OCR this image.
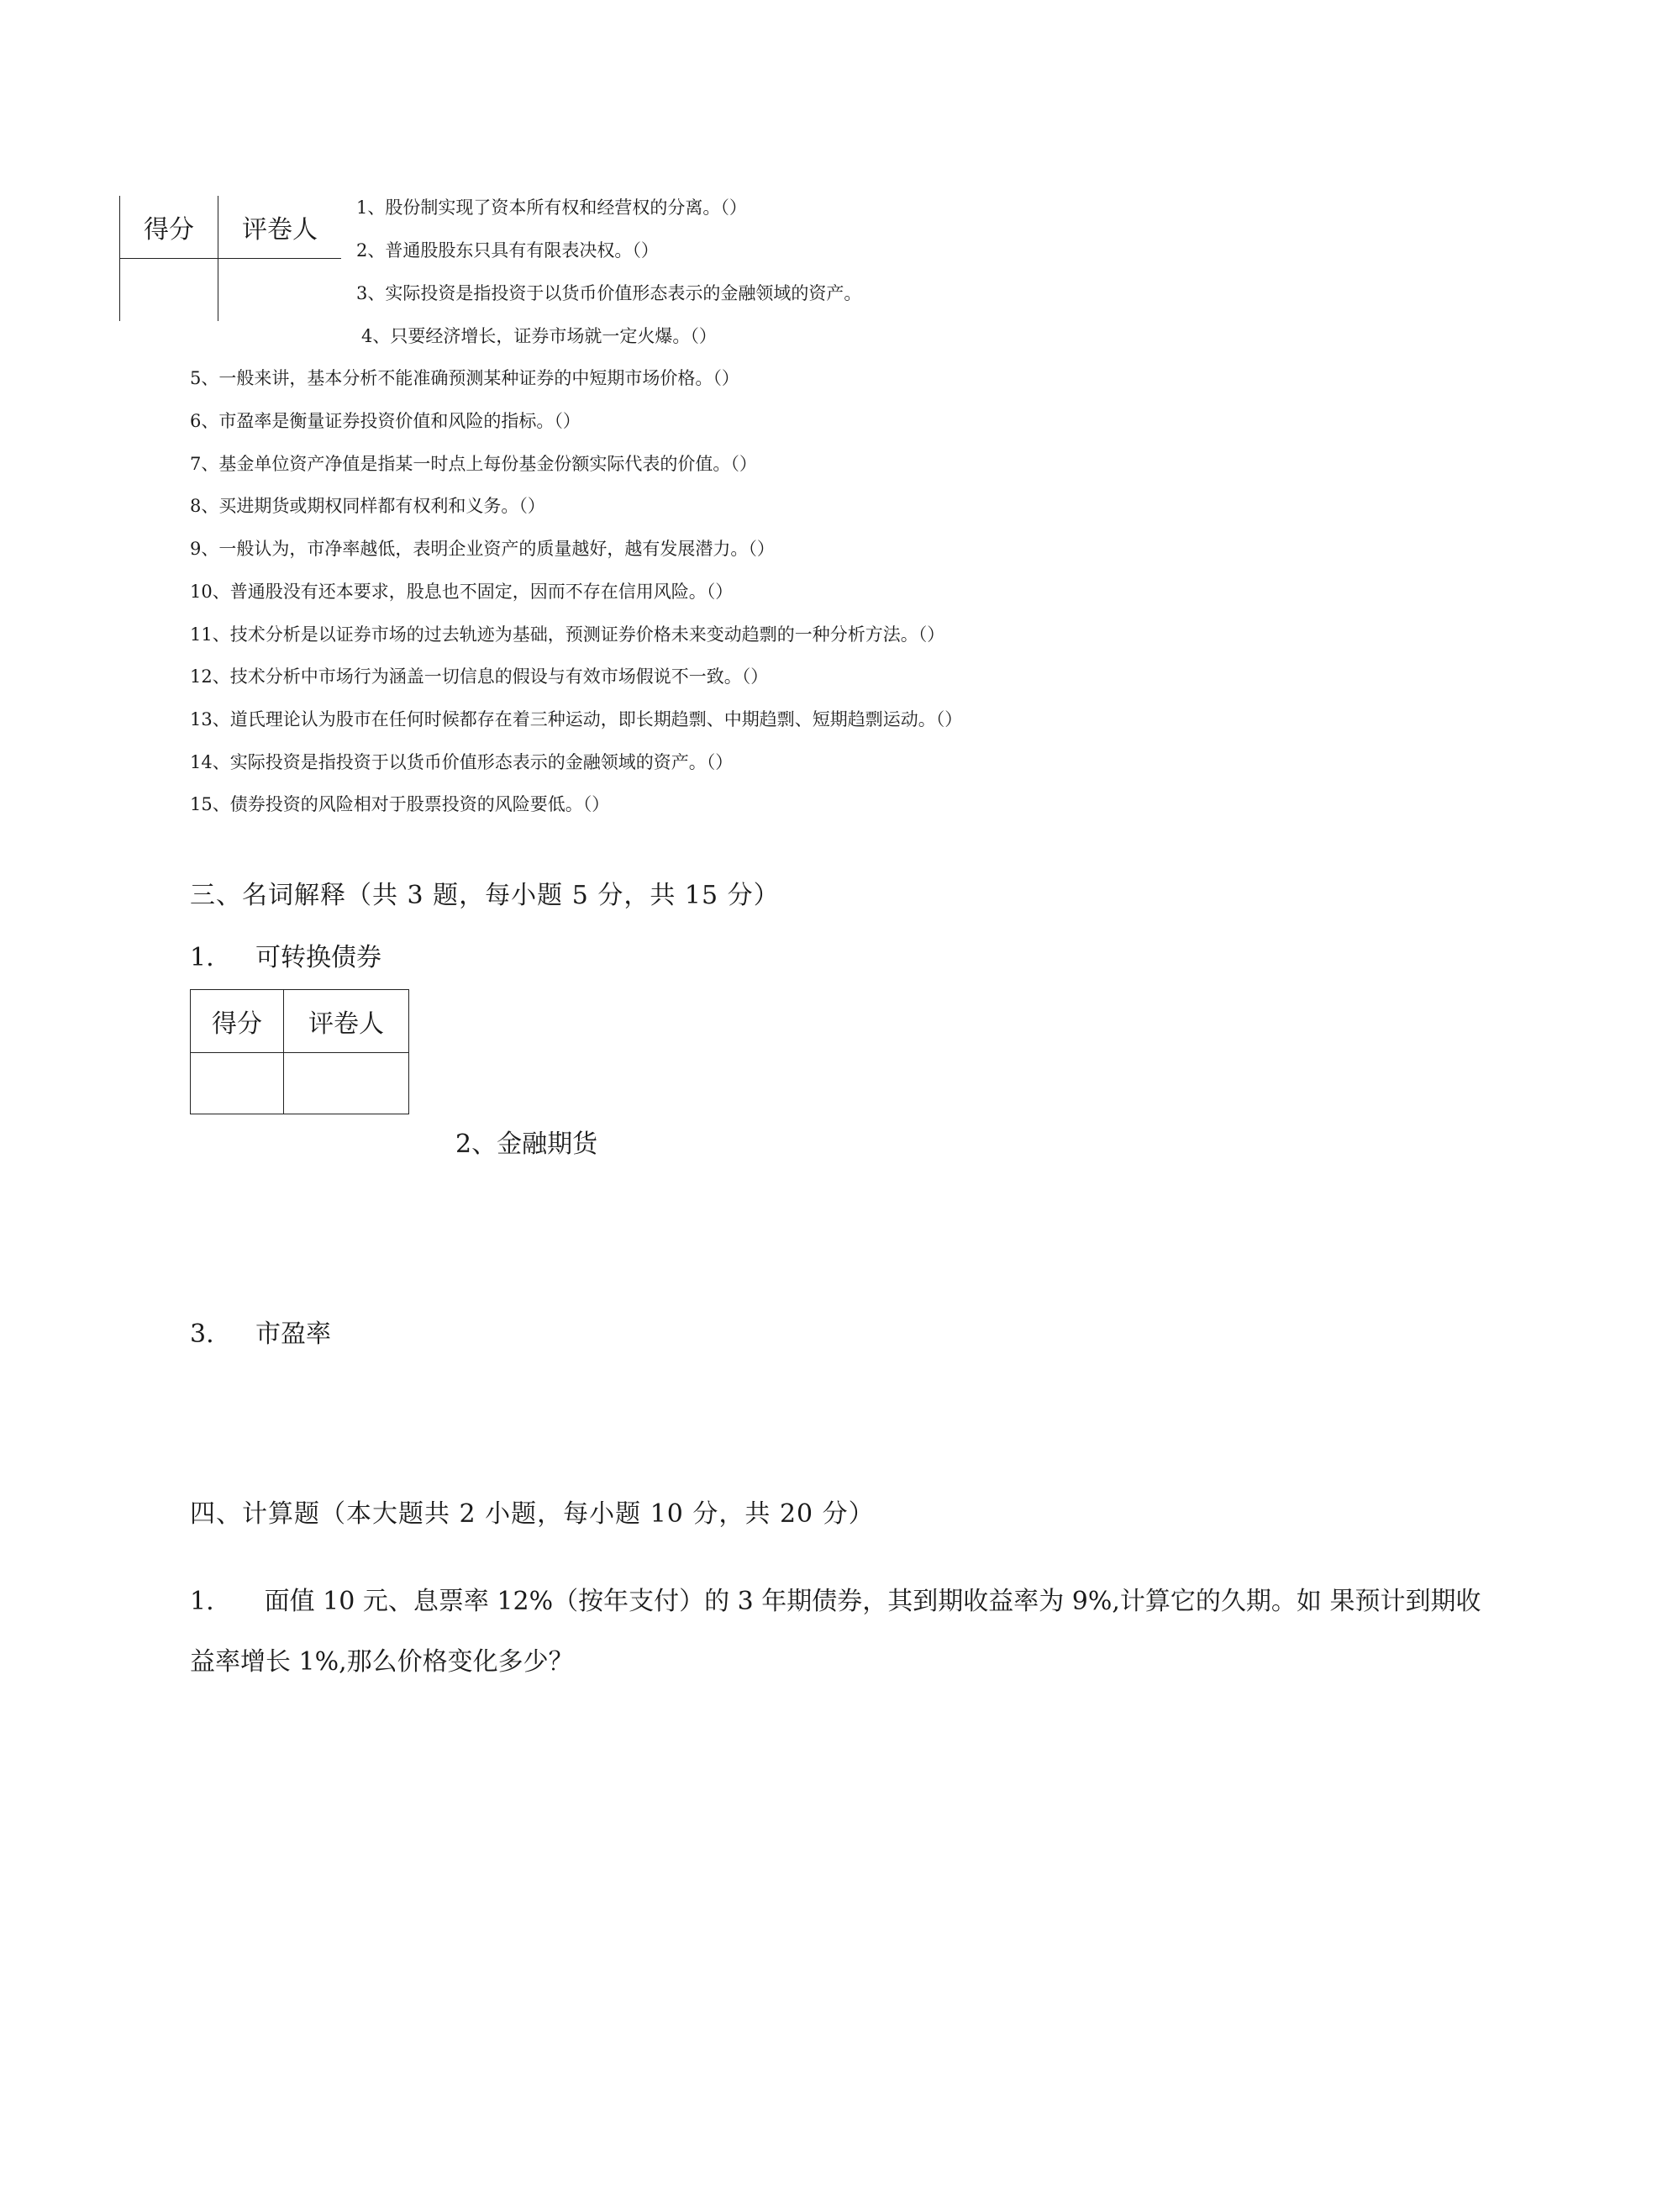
得分	评卷人

1、股份制实现了资本所有权和经营权的分离。（）
2、普通股股东只具有有限表决权。（）
3、实际投资是指投资于以货币价值形态表示的金融领域的资产。
4、只要经济增长，证券市场就一定火爆。（）
5、一般来讲，基本分析不能准确预测某种证券的中短期市场价格。（）
6、市盈率是衡量证券投资价值和风险的指标。（）
7、基金单位资产净值是指某一时点上每份基金份额实际代表的价值。（）
8、买进期货或期权同样都有权利和义务。（）
9、一般认为，市净率越低，表明企业资产的质量越好，越有发展潜力。（）
10、普通股没有还本要求，股息也不固定，因而不存在信用风险。（）
11、技术分析是以证券市场的过去轨迹为基础，预测证券价格未来变动趋剽的一种分析方法。（）
12、技术分析中市场行为涵盖一切信息的假设与有效市场假说不一致。（）
13、道氏理论认为股市在任何时候都存在着三种运动，即长期趋剽、中期趋剽、短期趋剽运动。（）
14、实际投资是指投资于以货币价值形态表示的金融领域的资产。（）
15、债券投资的风险相对于股票投资的风险要低。（）
三、名词解释（共 3 题，每小题 5 分，共 15 分）
1. 可转换债券
得分	评卷人

2、金融期货
3. 市盈率
四、计算题（本大题共 2 小题，每小题 10 分，共 20 分）
1.　　面值 10 元、息票率 12%（按年支付）的 3 年期债券，其到期收益率为 9%,计算它的久期。如 果预计到期收益率增长 1%,那么价格变化多少？
